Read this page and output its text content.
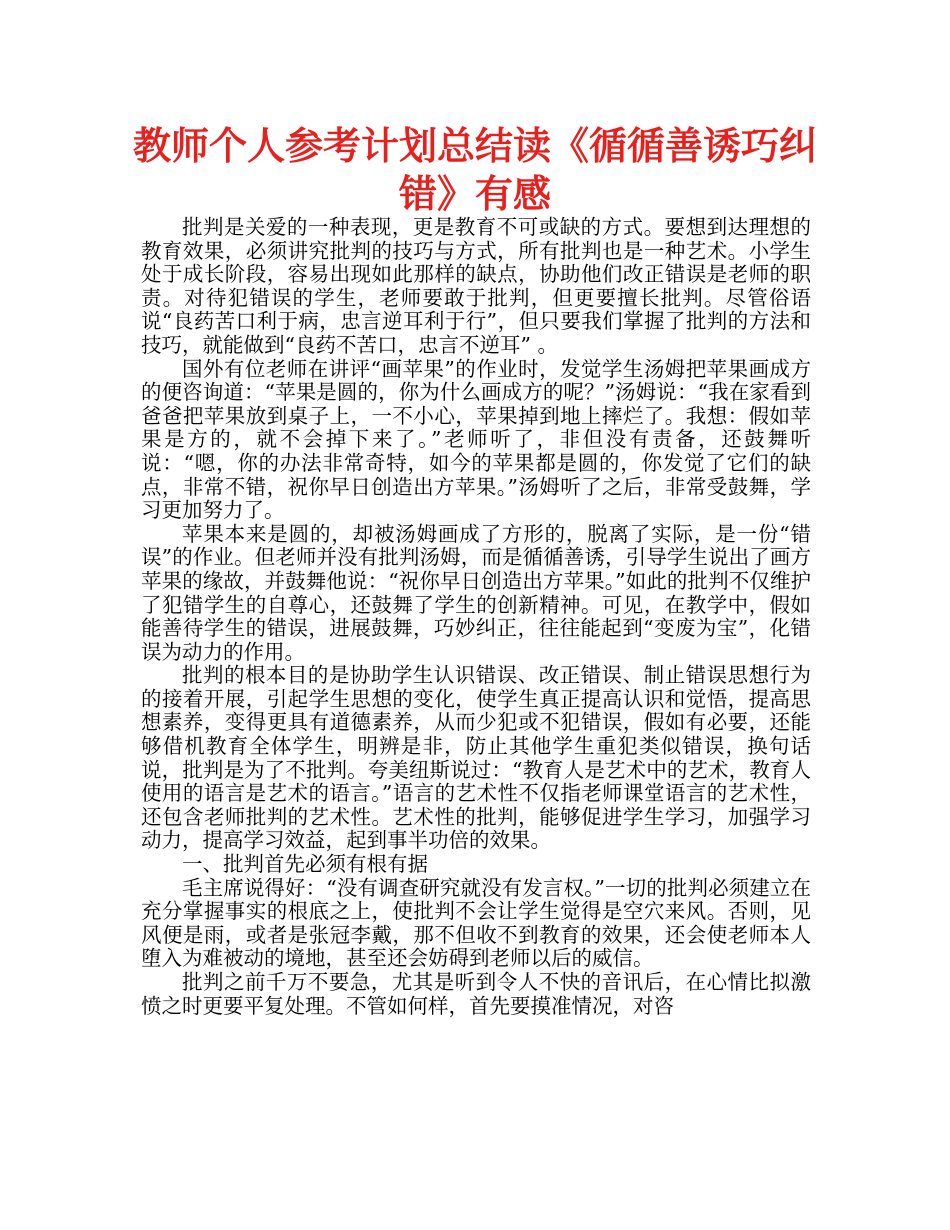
教师个人参考计划总结读《循循善诱巧纠错》有感

批判是关爱的一种表现，更是教育不可或缺的方式。要想到达理想的教育效果，必须讲究批判的技巧与方式，所有批判也是一种艺术。小学生处于成长阶段，容易出现如此那样的缺点，协助他们改正错误是老师的职责。对待犯错误的学生，老师要敢于批判，但更要擅长批判。尽管俗语说“良药苦口利于病，忠言逆耳利于行”，但只要我们掌握了批判的方法和技巧，就能做到“良药不苦口，忠言不逆耳” 。

国外有位老师在讲评“画苹果”的作业时，发觉学生汤姆把苹果画成方的便咨询道：“苹果是圆的，你为什么画成方的呢？”汤姆说：“我在家看到爸爸把苹果放到桌子上，一不小心，苹果掉到地上摔烂了。我想：假如苹果是方的，就不会掉下来了。”老师听了，非但没有责备，还鼓舞听说：“嗯，你的办法非常奇特，如今的苹果都是圆的，你发觉了它们的缺点，非常不错，祝你早日创造出方苹果。”汤姆听了之后，非常受鼓舞，学习更加努力了。

苹果本来是圆的，却被汤姆画成了方形的，脱离了实际，是一份“错误”的作业。但老师并没有批判汤姆，而是循循善诱，引导学生说出了画方苹果的缘故，并鼓舞他说：“祝你早日创造出方苹果。”如此的批判不仅维护了犯错学生的自尊心，还鼓舞了学生的创新精神。可见，在教学中，假如能善待学生的错误，进展鼓舞，巧妙纠正，往往能起到“变废为宝”，化错误为动力的作用。

批判的根本目的是协助学生认识错误、改正错误、制止错误思想行为的接着开展，引起学生思想的变化，使学生真正提高认识和觉悟，提高思想素养，变得更具有道德素养，从而少犯或不犯错误，假如有必要，还能够借机教育全体学生，明辨是非，防止其他学生重犯类似错误，换句话说，批判是为了不批判。夸美纽斯说过：“教育人是艺术中的艺术，教育人使用的语言是艺术的语言。”语言的艺术性不仅指老师课堂语言的艺术性，还包含老师批判的艺术性。艺术性的批判，能够促进学生学习，加强学习动力，提高学习效益，起到事半功倍的效果。

一、批判首先必须有根有据

毛主席说得好：“没有调查研究就没有发言权。”一切的批判必须建立在充分掌握事实的根底之上，使批判不会让学生觉得是空穴来风。否则，见风便是雨，或者是张冠李戴，那不但收不到教育的效果，还会使老师本人堕入为难被动的境地，甚至还会妨碍到老师以后的威信。

批判之前千万不要急，尤其是听到令人不快的音讯后，在心情比拟激愤之时更要平复处理。不管如何样，首先要摸准情况，对咨
